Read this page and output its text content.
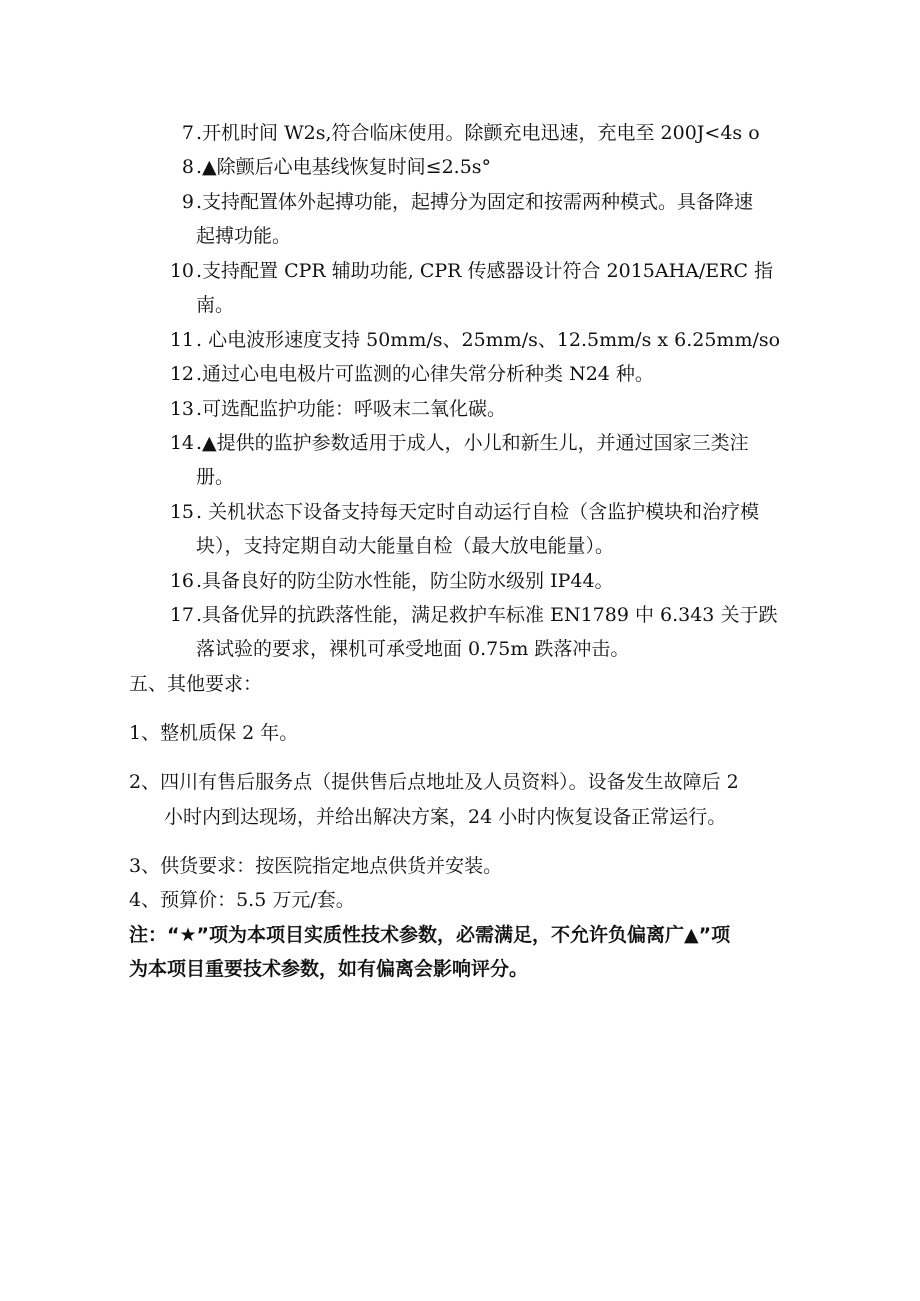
7 .开机时间 W2s,符合临床使用。除颤充电迅速，充电至 200J<4s o
8 .▲除颤后心电基线恢复时间≤2.5s°
9 .支持配置体外起搏功能，起搏分为固定和按需两种模式。具备降速
起搏功能。
10 .支持配置 CPR 辅助功能, CPR 传感器设计符合 2015AHA/ERC 指
南。
11 . 心电波形速度支持 50mm/s、25mm/s、12.5mm∕s x 6.25mm/so
12 .通过心电电极片可监测的心律失常分析种类 N24 种。
13 .可选配监护功能：呼吸末二氧化碳。
14 .▲提供的监护参数适用于成人，小儿和新生儿，并通过国家三类注
册。
15 . 关机状态下设备支持每天定时自动运行自检（含监护模块和治疗模
块），支持定期自动大能量自检（最大放电能量）。
16 .具备良好的防尘防水性能，防尘防水级别 IP44。
17 .具备优异的抗跌落性能，满足救护车标准 EN1789 中 6.343 关于跌
落试验的要求，裸机可承受地面 0.75m 跌落冲击。
五、其他要求：
1、整机质保 2 年。
2、四川有售后服务点（提供售后点地址及人员资料）。设备发生故障后 2
小时内到达现场，并给出解决方案，24 小时内恢复设备正常运行。
3、供货要求：按医院指定地点供货并安装。
4、预算价：5.5 万元/套。
注：“★”项为本项目实质性技术参数，必需满足，不允许负偏离广▲”项
为本项目重要技术参数，如有偏离会影响评分。
